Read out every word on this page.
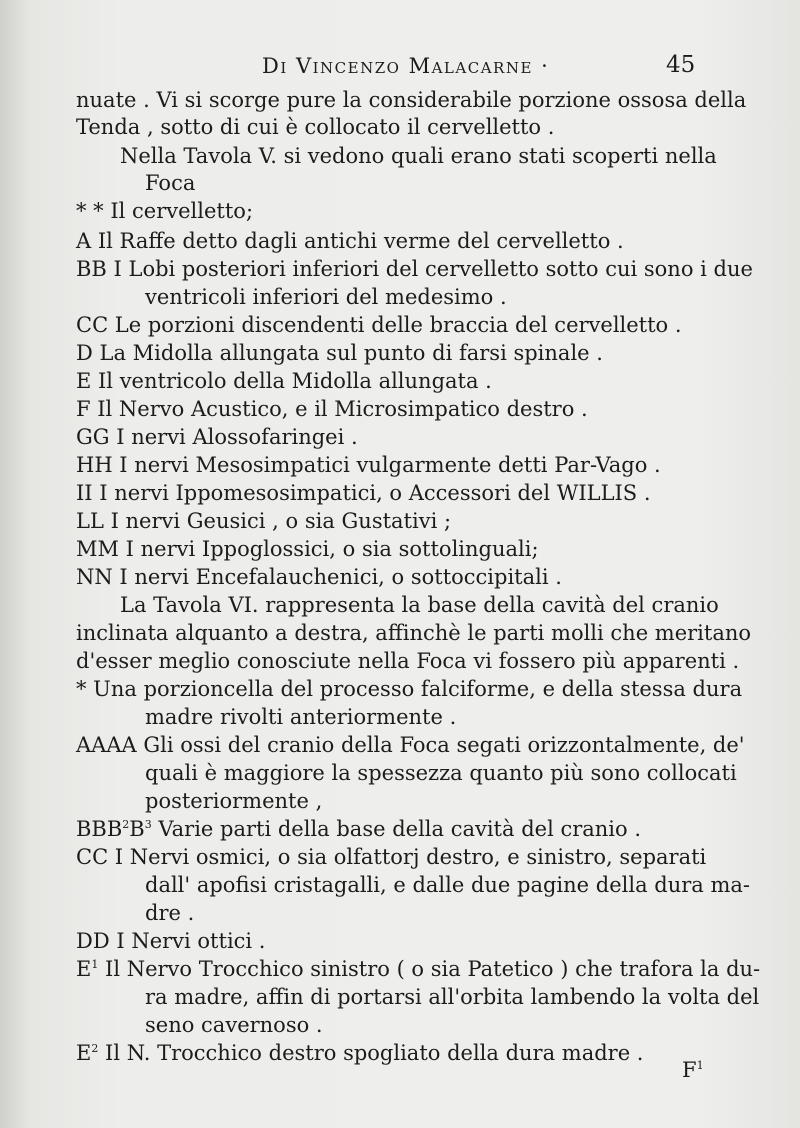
Di Vincenzo Malacarne ·	45
nuate . Vi si scorge pure la considerabile porzione ossosa della
Tenda , sotto di cui è collocato il cervelletto .
Nella Tavola V. si vedono quali erano stati scoperti nella
Foca
* * Il cervelletto;
A Il Raffe detto dagli antichi verme del cervelletto .
BB I Lobi posteriori inferiori del cervelletto sotto cui sono i due
ventricoli inferiori del medesimo .
CC Le porzioni discendenti delle braccia del cervelletto .
D La Midolla allungata sul punto di farsi spinale .
E Il ventricolo della Midolla allungata .
F Il Nervo Acustico, e il Microsimpatico destro .
GG I nervi Alossofaringei .
HH I nervi Mesosimpatici vulgarmente detti Par-Vago .
II I nervi Ippomesosimpatici, o Accessori del WILLIS .
LL I nervi Geusici , o sia Gustativi ;
MM I nervi Ippoglossici, o sia sottolinguali;
NN I nervi Encefalauchenici, o sottoccipitali .
La Tavola VI. rappresenta la base della cavità del cranio
inclinata alquanto a destra, affinchè le parti molli che meritano
d'esser meglio conosciute nella Foca vi fossero più apparenti .
* Una porzioncella del processo falciforme, e della stessa dura
madre rivolti anteriormente .
AAAA Gli ossi del cranio della Foca segati orizzontalmente, de'
quali è maggiore la spessezza quanto più sono collocati
posteriormente ,
$BBB^2B^3$ Varie parti della base della cavità del cranio .
CC I Nervi osmici, o sia olfattorj destro, e sinistro, separati
dall' apofisi cristagalli, e dalle due pagine della dura ma-
dre .
DD I Nervi ottici .
$E^1$ Il Nervo Trocchico sinistro ( o sia Patetico ) che trafora la du-
ra madre, affin di portarsi all'orbita lambendo la volta del
seno cavernoso .
$E^2$ Il N. Trocchico destro spogliato della dura madre .
$F^1$
